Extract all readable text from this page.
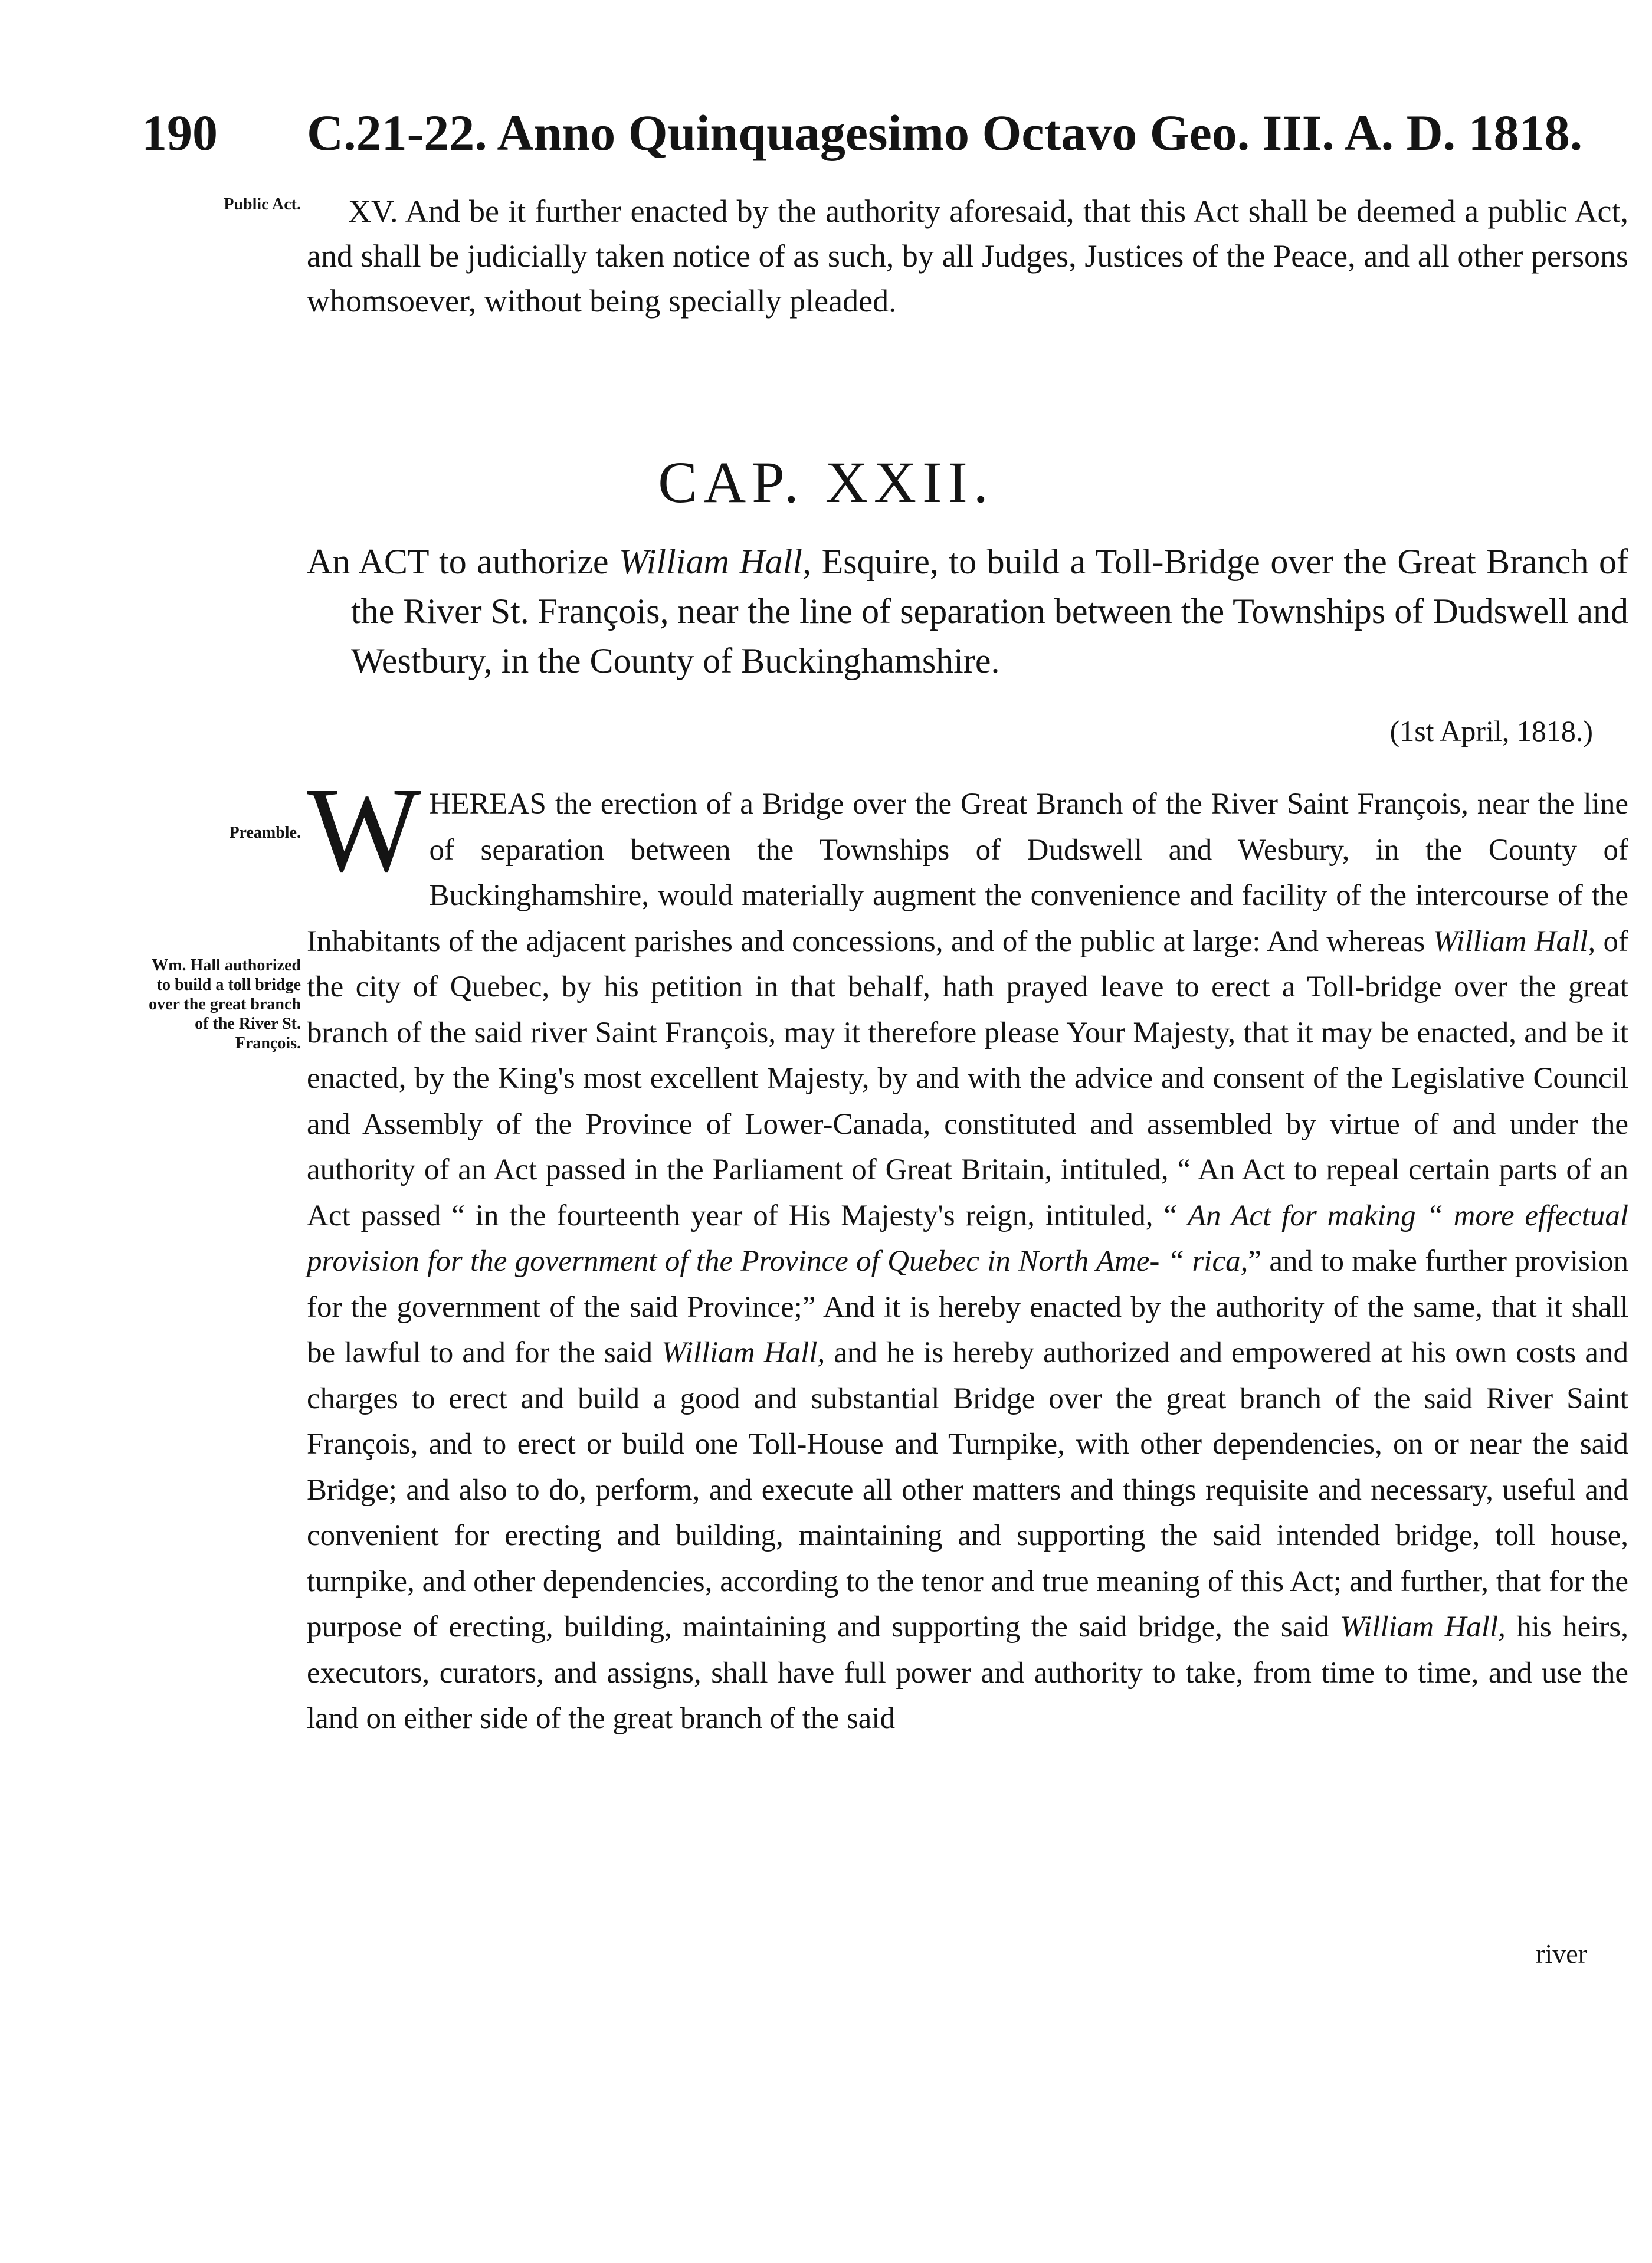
190 C.21-22. Anno Quinquagesimo Octavo Geo. III. A. D. 1818.
Public Act.	XV. And be it further enacted by the authority aforesaid, that this Act shall be deemed a public Act, and shall be judicially taken notice of as such, by all Judges, Justices of the Peace, and all other persons whomsoever, without being specially pleaded.
CAP. XXII.
An ACT to authorize William Hall, Esquire, to build a Toll-Bridge over the Great Branch of the River St. François, near the line of separation between the Townships of Dudswell and Westbury, in the County of Buckinghamshire.
(1st April, 1818.)
Preamble.
Wm. Hall authorized to build a toll bridge over the great branch of the River St. François.
WHEREAS the erection of a Bridge over the Great Branch of the River Saint François, near the line of separation between the Townships of Dudswell and Wesbury, in the County of Buckinghamshire, would materially augment the convenience and facility of the intercourse of the Inhabitants of the adjacent parishes and concessions, and of the public at large: And whereas William Hall, of the city of Quebec, by his petition in that behalf, hath prayed leave to erect a Toll-bridge over the great branch of the said river Saint François, may it therefore please Your Majesty, that it may be enacted, and be it enacted, by the King's most excellent Majesty, by and with the advice and consent of the Legislative Council and Assembly of the Province of Lower-Canada, constituted and assembled by virtue of and under the authority of an Act passed in the Parliament of Great Britain, intituled, “ An Act to repeal certain parts of an Act passed “ in the fourteenth year of His Majesty's reign, intituled, “ An Act for making “ more effectual provision for the government of the Province of Quebec in North Ame- “ rica,” and to make further provision for the government of the said Province;” And it is hereby enacted by the authority of the same, that it shall be lawful to and for the said William Hall, and he is hereby authorized and empowered at his own costs and charges to erect and build a good and substantial Bridge over the great branch of the said River Saint François, and to erect or build one Toll-House and Turnpike, with other dependencies, on or near the said Bridge; and also to do, perform, and execute all other matters and things requisite and necessary, useful and convenient for erecting and building, maintaining and supporting the said intended bridge, toll house, turnpike, and other dependencies, according to the tenor and true meaning of this Act; and further, that for the purpose of erecting, building, maintaining and supporting the said bridge, the said William Hall, his heirs, executors, curators, and assigns, shall have full power and authority to take, from time to time, and use the land on either side of the great branch of the said
river
